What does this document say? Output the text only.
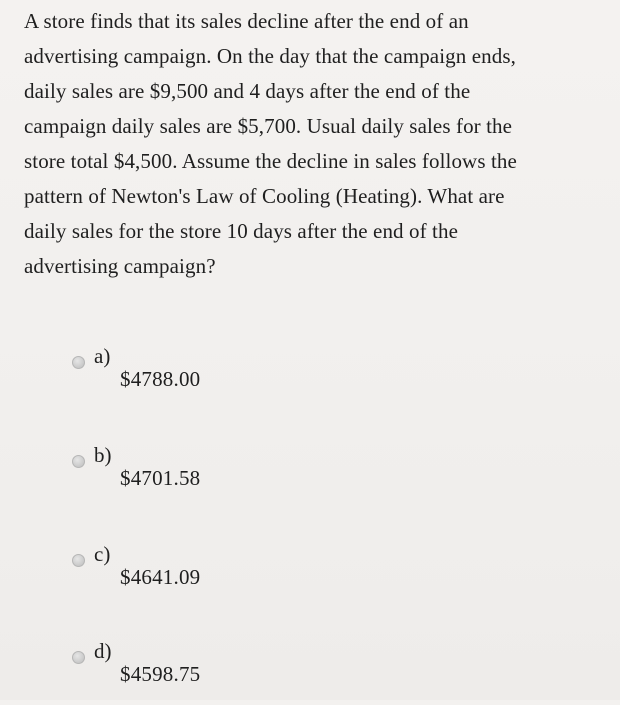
A store finds that its sales decline after the end of an
advertising campaign. On the day that the campaign ends,
daily sales are $9,500 and 4 days after the end of the
campaign daily sales are $5,700. Usual daily sales for the
store total $4,500. Assume the decline in sales follows the
pattern of Newton's Law of Cooling (Heating). What are
daily sales for the store 10 days after the end of the
advertising campaign?
a)
$4788.00
b)
$4701.58
c)
$4641.09
d)
$4598.75
